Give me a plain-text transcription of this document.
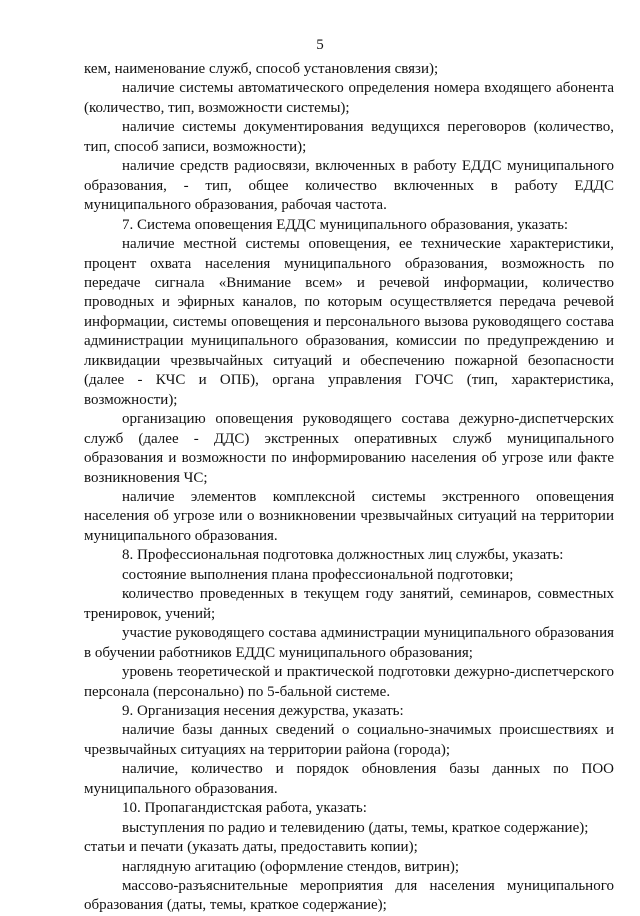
5

кем, наименование служб, способ установления связи);

наличие системы автоматического определения номера входящего абонента (количество, тип, возможности системы);

наличие системы документирования ведущихся переговоров (количество, тип, способ записи, возможности);

наличие средств радиосвязи, включенных в работу ЕДДС муниципального образования, - тип, общее количество включенных в работу ЕДДС муниципального образования, рабочая частота.

7. Система оповещения ЕДДС муниципального образования, указать:

наличие местной системы оповещения, ее технические характеристики, процент охвата населения муниципального образования, возможность по передаче сигнала «Внимание всем» и речевой информации, количество проводных и эфирных каналов, по которым осуществляется передача речевой информации, системы оповещения и персонального вызова руководящего состава администрации муниципального образования, комиссии по предупреждению и ликвидации чрезвычайных ситуаций и обеспечению пожарной безопасности (далее - КЧС и ОПБ), органа управления ГОЧС (тип, характеристика, возможности);

организацию оповещения руководящего состава дежурно-диспетчерских служб (далее - ДДС) экстренных оперативных служб муниципального образования и возможности по информированию населения об угрозе или факте возникновения ЧС;

наличие элементов комплексной системы экстренного оповещения населения об угрозе или о возникновении чрезвычайных ситуаций на территории муниципального образования.

8. Профессиональная подготовка должностных лиц службы, указать:

состояние выполнения плана профессиональной подготовки;

количество проведенных в текущем году занятий, семинаров, совместных тренировок, учений;

участие руководящего состава администрации муниципального образования в обучении работников ЕДДС муниципального образования;

уровень теоретической и практической подготовки дежурно-диспетчерского персонала (персонально) по 5-бальной системе.

9. Организация несения дежурства, указать:

наличие базы данных сведений о социально-значимых происшествиях и чрезвычайных ситуациях на территории района (города);

наличие, количество и порядок обновления базы данных по ПОО муниципального образования.

10. Пропагандистская работа, указать:

выступления по радио и телевидению (даты, темы, краткое содержание);

статьи и печати (указать даты, предоставить копии);

наглядную агитацию (оформление стендов, витрин);

массово-разъяснительные мероприятия для населения муниципального образования (даты, темы, краткое содержание);
